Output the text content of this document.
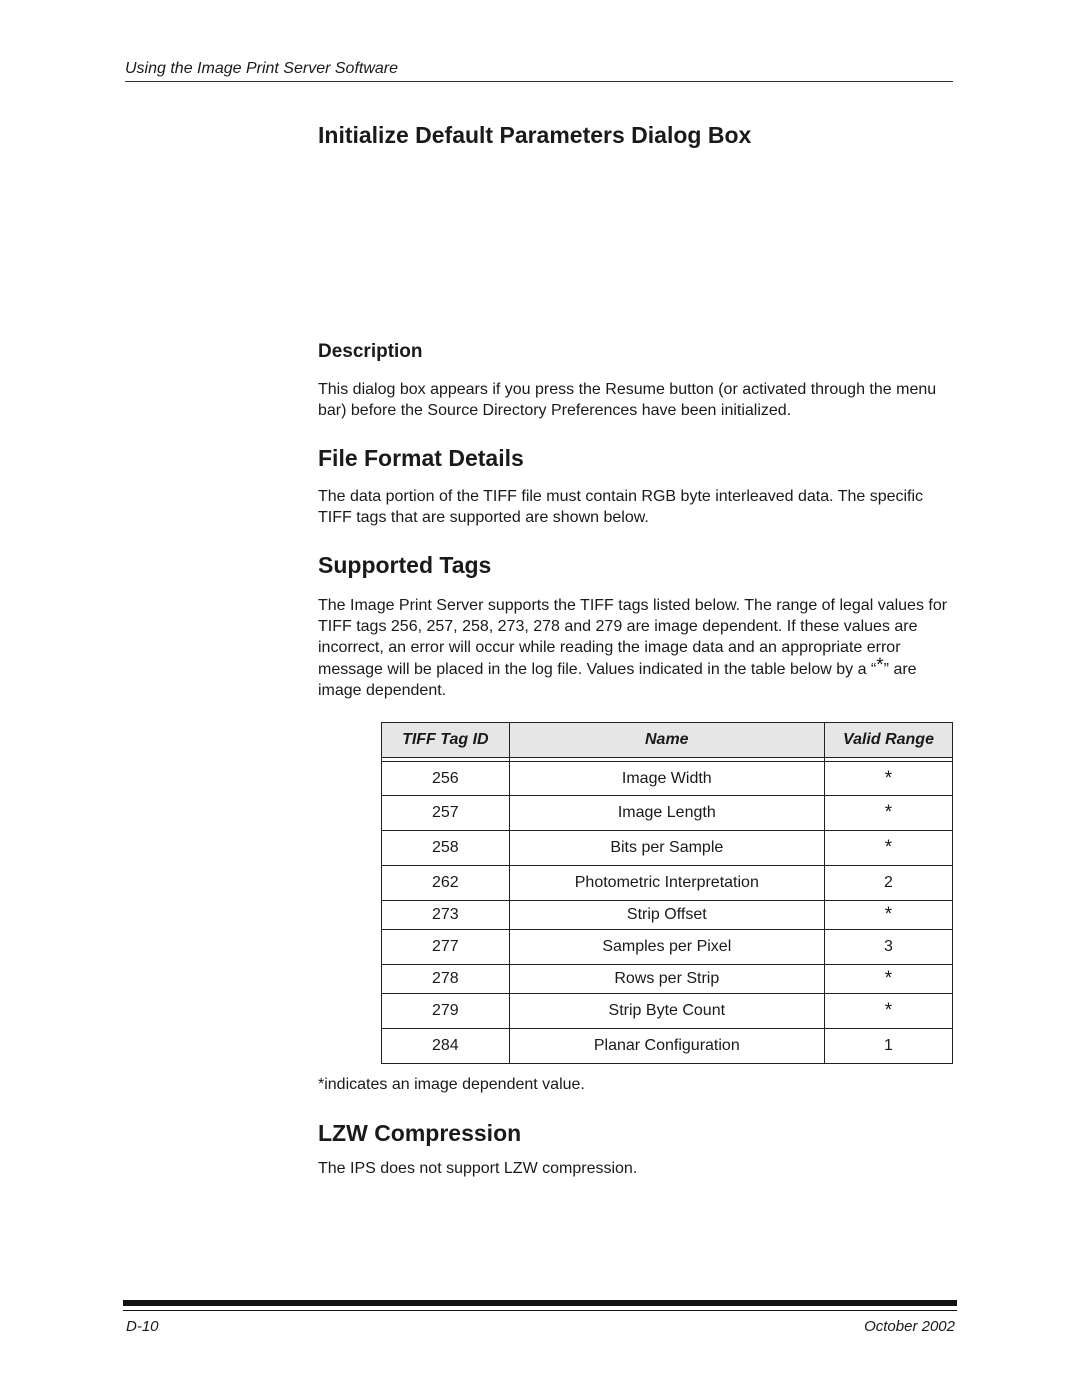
Using the Image Print Server Software
Initialize Default Parameters Dialog Box
Description

This dialog box appears if you press the Resume button (or activated through the menu bar) before the Source Directory Preferences have been initialized.

File Format Details

The data portion of the TIFF file must contain RGB byte interleaved data. The specific TIFF tags that are supported are shown below.

Supported Tags

The Image Print Server supports the TIFF tags listed below. The range of legal values for TIFF tags 256, 257, 258, 273, 278 and 279 are image dependent. If these values are incorrect, an error will occur while reading the image data and an appropriate error message will be placed in the log file. Values indicated in the table below by a “*” are image dependent.

TIFF Tag ID	Name	Valid Range

256	Image Width	*
257	Image Length	*
258	Bits per Sample	*
262	Photometric Interpretation	2
273	Strip Offset	*
277	Samples per Pixel	3
278	Rows per Strip	*
279	Strip Byte Count	*
284	Planar Configuration	1

*indicates an image dependent value.

LZW Compression

The IPS does not support LZW compression.

D-10	October 2002
